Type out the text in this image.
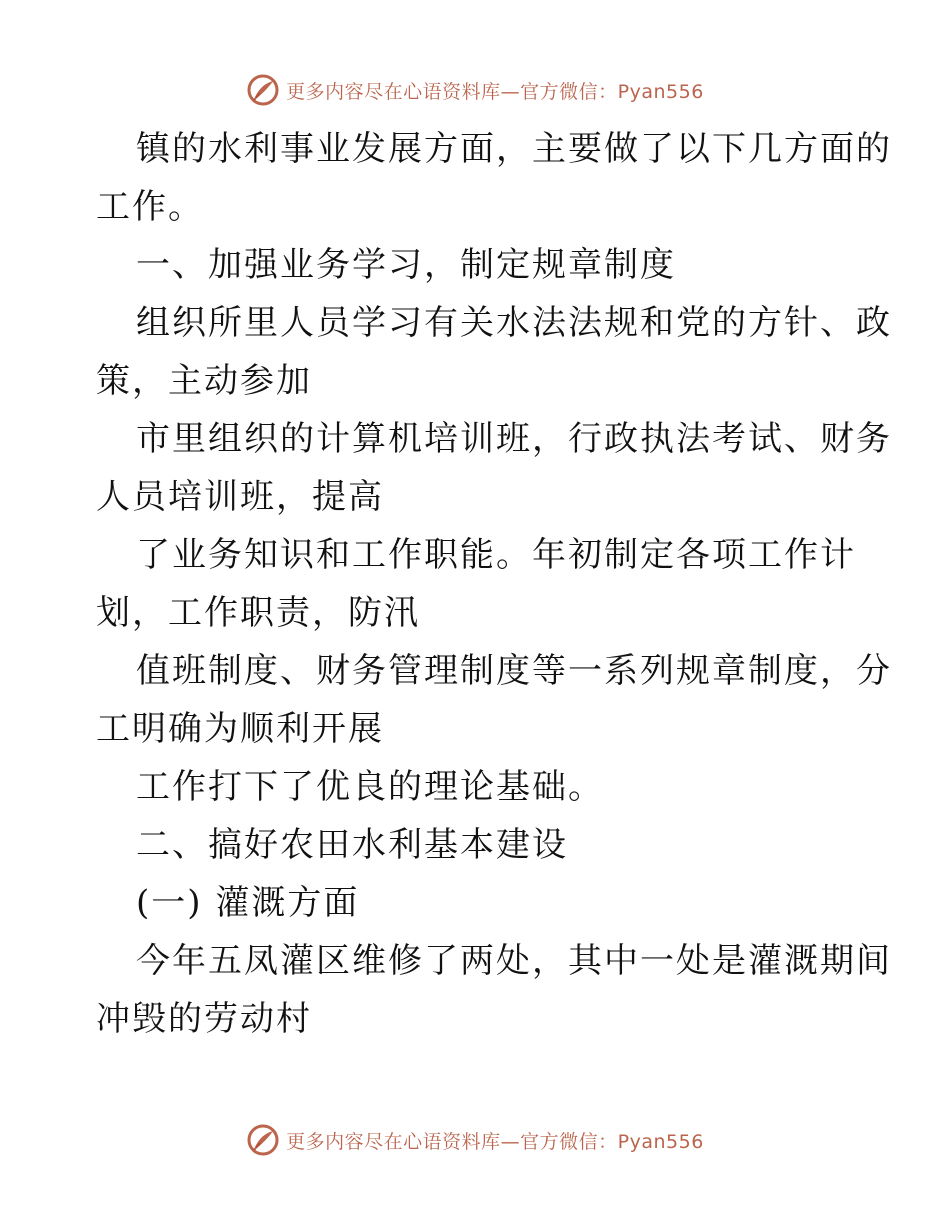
更多内容尽在心语资料库—官方微信：Pyan556
镇的水利事业发展方面，主要做了以下几方面的
工作。
一、加强业务学习，制定规章制度
组织所里人员学习有关水法法规和党的方针、政
策，主动参加
市里组织的计算机培训班，行政执法考试、财务
人员培训班，提高
了业务知识和工作职能。年初制定各项工作计
划，工作职责，防汛
值班制度、财务管理制度等一系列规章制度，分
工明确为顺利开展
工作打下了优良的理论基础。
二、搞好农田水利基本建设
(一) 灌溉方面
今年五凤灌区维修了两处，其中一处是灌溉期间
冲毁的劳动村
更多内容尽在心语资料库—官方微信：Pyan556
